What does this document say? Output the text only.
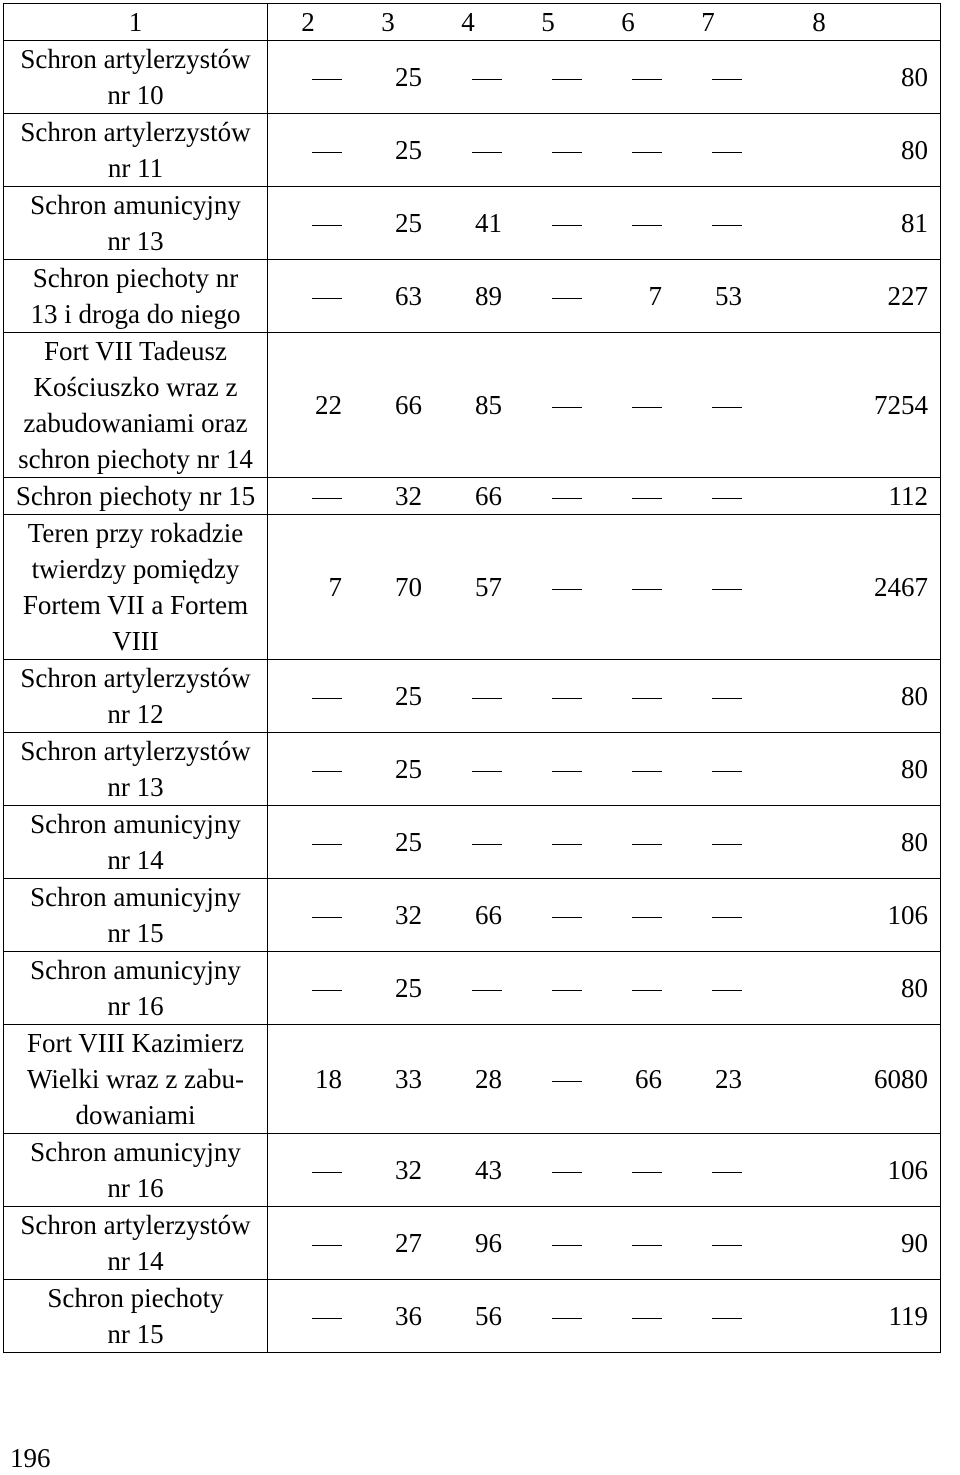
1	2	3	4	5	6	7	8
Schron artylerzystów
nr 10		25					80
Schron artylerzystów
nr 11		25					80
Schron amunicyjny
nr 13		25	41				81
Schron piechoty nr
13 i droga do niego		63	89		7	53	227
Fort VII Tadeusz
Kościuszko wraz z
zabudowaniami oraz
schron piechoty nr 14	22	66	85				7254
Schron piechoty nr 15		32	66				112
Teren przy rokadzie
twierdzy pomiędzy
Fortem VII a Fortem
VIII	7	70	57				2467
Schron artylerzystów
nr 12		25					80
Schron artylerzystów
nr 13		25					80
Schron amunicyjny
nr 14		25					80
Schron amunicyjny
nr 15		32	66				106
Schron amunicyjny
nr 16		25					80
Fort VIII Kazimierz
Wielki wraz z zabu-
dowaniami	18	33	28		66	23	6080
Schron amunicyjny
nr 16		32	43				106
Schron artylerzystów
nr 14		27	96				90
Schron piechoty
nr 15		36	56				119
196
